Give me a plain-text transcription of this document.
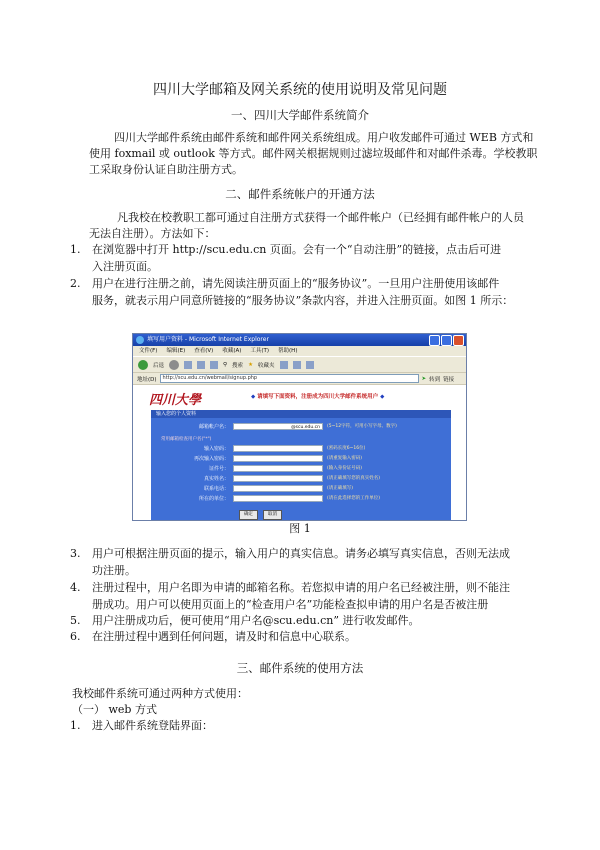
四川大学邮箱及网关系统的使用说明及常见问题
一、四川大学邮件系统简介
四川大学邮件系统由邮件系统和邮件网关系统组成。用户收发邮件可通过 WEB 方式和
使用 foxmail 或 outlook 等方式。邮件网关根据规则过滤垃圾邮件和对邮件杀毒。学校教职
工采取身份认证自助注册方式。
二、邮件系统帐户的开通方法
凡我校在校教职工都可通过自注册方式获得一个邮件帐户（已经拥有邮件帐户的人员
无法自注册）。方法如下：
1. 在浏览器中打开 http://scu.edu.cn 页面。会有一个“自动注册”的链接，点击后可进
入注册页面。
2. 用户在进行注册之前，请先阅读注册页面上的“服务协议”。一旦用户注册使用该邮件
服务，就表示用户同意所链接的“服务协议”条款内容，并进入注册页面。如图 1 所示：
填写用户资料 - Microsoft Internet Explorer
文件(F) 编辑(E) 查看(V) 收藏(A) 工具(T) 帮助(H)
后退	⚲ 搜索 ★ 收藏夹
地址(D)	http://scu.edu.cn/webmail/signup.php	➤ 转到 链接
四川大學	◆ 请填写下面资料，注册成为四川大学邮件系统用户 ◆
输入您的个人资料
常用邮箱检查用户名("*")
邮箱帐户名：	@scu.edu.cn	(5~12字符，可用小写字母、数字)
输入密码：	(密码长度6~16位)
再次输入密码：	(请重复输入密码)
证件号：	(输入身份证号码)
真实姓名：	(请正确填写您的真实姓名)
联系电话：	(请正确填写)
所在的单位：	(请在此选择您的工作单位)
确定	取消
图 1
3. 用户可根据注册页面的提示，输入用户的真实信息。请务必填写真实信息，否则无法成
功注册。
4. 注册过程中，用户名即为申请的邮箱名称。若您拟申请的用户名已经被注册，则不能注
册成功。用户可以使用页面上的“检查用户名”功能检查拟申请的用户名是否被注册
5. 用户注册成功后，便可使用“用户名@scu.edu.cn” 进行收发邮件。
6. 在注册过程中遇到任何问题，请及时和信息中心联系。
三、邮件系统的使用方法
我校邮件系统可通过两种方式使用：
（一） web 方式
1. 进入邮件系统登陆界面：
